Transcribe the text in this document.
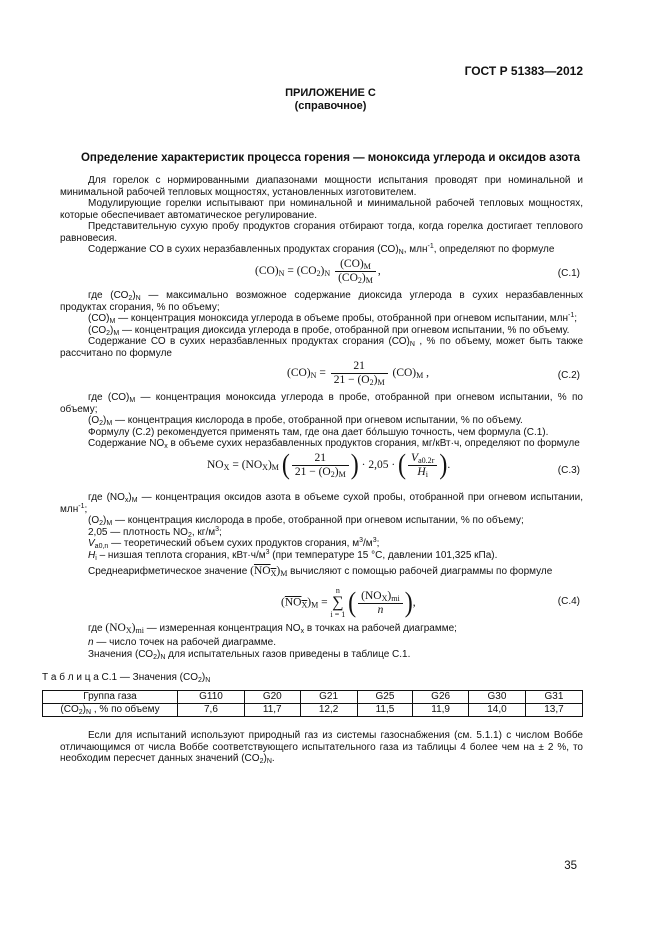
ГОСТ Р 51383—2012
ПРИЛОЖЕНИЕ С
(справочное)
Определение характеристик процесса горения — моноксида углерода и оксидов азота
Для горелок с нормированными диапазонами мощности испытания проводят при номинальной и минимальной рабочей тепловых мощностях, установленных изготовителем.
Модулирующие горелки испытывают при номинальной и минимальной рабочей тепловых мощностях, которые обеспечивает автоматическое регулирование.
Представительную сухую пробу продуктов сгорания отбирают тогда, когда горелка достигает теплового равновесия.
Содержание СО в сухих неразбавленных продуктах сгорания $(СО)_N$, млн$^{-1}$, определяют по формуле
$(CO)_N = (CO_2)_N \frac{(CO)_M}{(CO_2)_M}$ ,	(С.1)
где $(СО_2)_N$ — максимально возможное содержание диоксида углерода в сухих неразбавленных продуктах сгорания, % по объему;
$(СО)_M$ — концентрация моноксида углерода в объеме пробы, отобранной при огневом испытании, млн$^{-1}$;
$(СО_2)_M$ — концентрация диоксида углерода в пробе, отобранной при огневом испытании, % по объему.
Содержание СО в сухих неразбавленных продуктах сгорания $(СО)_N$ , % по объему, может быть также рассчитано по формуле
$(CO)_N = \frac{21}{21 - (O_2)_M} (CO)_M$ ,	(С.2)
где $(СО)_M$ — концентрация моноксида углерода в пробе, отобранной при огневом испытании, % по объему;
$(O_2)_M$ — концентрация кислорода в пробе, отобранной при огневом испытании, % по объему.
Формулу (С.2) рекомендуется применять там, где она дает бо́льшую точность, чем формула (С.1).
Содержание $NO_x$ в объеме сухих неразбавленных продуктов сгорания, мг/кВт·ч, определяют по формуле
$NO_X = (NO_X)_M$ ( $\frac{21}{21 - (O_2)_M}$ ) · 2,05 · ( $\frac{V_{a0.2r}}{H_i}$ ).	(С.3)
где $(NO_x)_M$ — концентрация оксидов азота в объеме сухой пробы, отобранной при огневом испытании, млн$^{-1}$;
$(O_2)_M$ — концентрация кислорода в пробе, отобранной при огневом испытании, % по объему;
2,05 — плотность $NO_2$, $кг/м^3$;
$V_{a0,n}$ — теоретический объем сухих продуктов сгорания, $м^3/м^3$;
$H_i$ – низшая теплота сгорания, $кВт\cdot ч/м^3$ (при температуре 15 °С, давлении 101,325 кПа).
Среднеарифметическое значение $(\overline{NO}_{\overline{X}})_M$ вычисляют с помощью рабочей диаграммы по формуле
$(\overline{NO}_{\overline{X}})_M$ =
n
∑
i = 1 ( $\frac{(NO_X)_{mi}}{n}$ ),	(С.4)
где $(NO_X)_{mi}$ — измеренная концентрация $NO_x$ в точках на рабочей диаграмме;
n — число точек на рабочей диаграмме.
Значения $(СО_2)_N$ для испытательных газов приведены в таблице С.1.
Т а б л и ц а С.1 — Значения $(CO_2)_N$
Группа газа	G110	G20	G21	G25	G26	G30	G31
$(CO_2)_N$ , % по объему	7,6	11,7	12,2	11,5	11,9	14,0	13,7
Если для испытаний используют природный газ из системы газоснабжения (см. 5.1.1) с числом Воббе отличающимся от числа Воббе соответствующего испытательного газа из таблицы 4 более чем на ± 2 %, то необходим пересчет данных значений $(CO_2)_N$.
35
